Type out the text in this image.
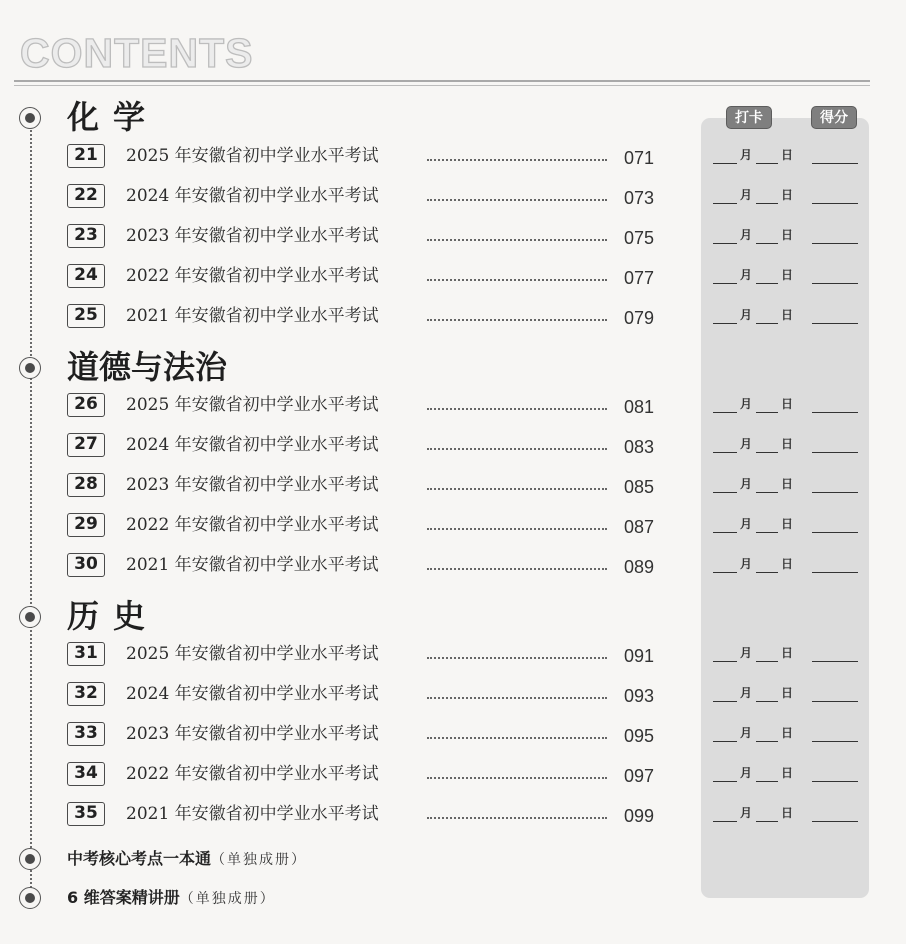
CONTENTS
打卡	得分
化学
道德与法治
历史
21	2025 年安徽省初中学业水平考试	071	月 日
22	2024 年安徽省初中学业水平考试	073	月 日
23	2023 年安徽省初中学业水平考试	075	月 日
24	2022 年安徽省初中学业水平考试	077	月 日
25	2021 年安徽省初中学业水平考试	079	月 日
26	2025 年安徽省初中学业水平考试	081	月 日
27	2024 年安徽省初中学业水平考试	083	月 日
28	2023 年安徽省初中学业水平考试	085	月 日
29	2022 年安徽省初中学业水平考试	087	月 日
30	2021 年安徽省初中学业水平考试	089	月 日
31	2025 年安徽省初中学业水平考试	091	月 日
32	2024 年安徽省初中学业水平考试	093	月 日
33	2023 年安徽省初中学业水平考试	095	月 日
34	2022 年安徽省初中学业水平考试	097	月 日
35	2021 年安徽省初中学业水平考试	099	月 日
中考核心考点一本通（单独成册）
6 维答案精讲册（单独成册）
